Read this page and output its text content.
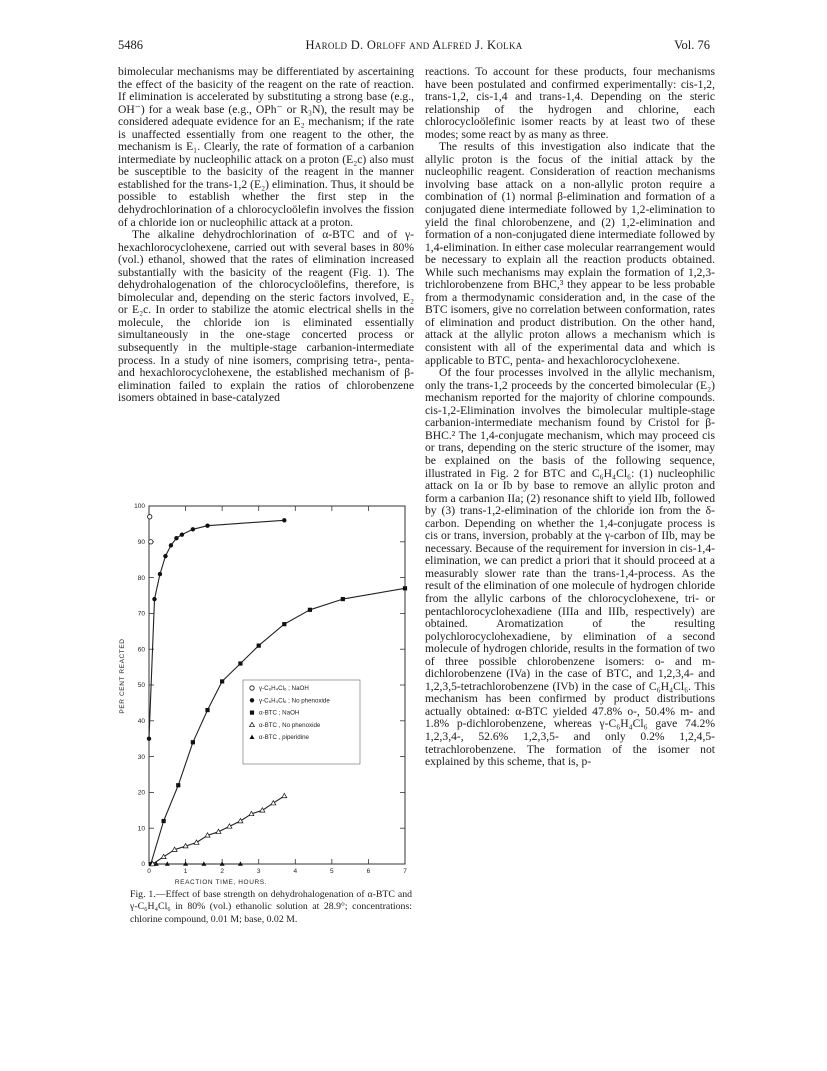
5486	Harold D. Orloff and Alfred J. Kolka	Vol. 76

bimolecular mechanisms may be differentiated by ascertaining the effect of the basicity of the reagent on the rate of reaction. If elimination is accelerated by substituting a strong base (e.g., OH⁻) for a weak base (e.g., OPh⁻ or R₃N), the result may be considered adequate evidence for an E₂ mechanism; if the rate is unaffected essentially from one reagent to the other, the mechanism is E₁. Clearly, the rate of formation of a carbanion intermediate by nucleophilic attack on a proton (E₂c) also must be susceptible to the basicity of the reagent in the manner established for the trans-1,2 (E₂) elimination. Thus, it should be possible to establish whether the first step in the dehydrochlorination of a chlorocycloölefin involves the fission of a chloride ion or nucleophilic attack at a proton.

The alkaline dehydrochlorination of α-BTC and of γ-hexachlorocyclohexene, carried out with several bases in 80% (vol.) ethanol, showed that the rates of elimination increased substantially with the basicity of the reagent (Fig. 1). The dehydrohalogenation of the chlorocycloölefins, therefore, is bimolecular and, depending on the steric factors involved, E₂ or E₂c. In order to stabilize the atomic electrical shells in the molecule, the chloride ion is eliminated essentially simultaneously in the one-stage concerted process or subsequently in the multiple-stage carbanion-intermediate process. In a study of nine isomers, comprising tetra-, penta- and hexachlorocyclohexene, the established mechanism of β-elimination failed to explain the ratios of chlorobenzene isomers obtained in base-catalyzed

reactions. To account for these products, four mechanisms have been postulated and confirmed experimentally: cis-1,2, trans-1,2, cis-1,4 and trans-1,4. Depending on the steric relationship of the hydrogen and chlorine, each chlorocycloölefinic isomer reacts by at least two of these modes; some react by as many as three.

The results of this investigation also indicate that the allylic proton is the focus of the initial attack by the nucleophilic reagent. Consideration of reaction mechanisms involving base attack on a non-allylic proton require a combination of (1) normal β-elimination and formation of a conjugated diene intermediate followed by 1,2-elimination to yield the final chlorobenzene, and (2) 1,2-elimination and formation of a non-conjugated diene intermediate followed by 1,4-elimination. In either case molecular rearrangement would be necessary to explain all the reaction products obtained. While such mechanisms may explain the formation of 1,2,3-trichlorobenzene from BHC,³ they appear to be less probable from a thermodynamic consideration and, in the case of the BTC isomers, give no correlation between conformation, rates of elimination and product distribution. On the other hand, attack at the allylic proton allows a mechanism which is consistent with all of the experimental data and which is applicable to BTC, penta- and hexachlorocyclohexene.

Of the four processes involved in the allylic mechanism, only the trans-1,2 proceeds by the concerted bimolecular (E₂) mechanism reported for the majority of chlorine compounds. cis-1,2-Elimination involves the bimolecular multiple-stage carbanion-intermediate mechanism found by Cristol for β-BHC.² The 1,4-conjugate mechanism, which may proceed cis or trans, depending on the steric structure of the isomer, may be explained on the basis of the following sequence, illustrated in Fig. 2 for BTC and C₆H₄Cl₆: (1) nucleophilic attack on Ia or Ib by base to remove an allylic proton and form a carbanion IIa; (2) resonance shift to yield IIb, followed by (3) trans-1,2-elimination of the chloride ion from the δ-carbon. Depending on whether the 1,4-conjugate process is cis or trans, inversion, probably at the γ-carbon of IIb, may be necessary. Because of the requirement for inversion in cis-1,4-elimination, we can predict a priori that it should proceed at a measurably slower rate than the trans-1,4-process. As the result of the elimination of one molecule of hydrogen chloride from the allylic carbons of the chlorocyclohexene, tri- or pentachlorocyclohexadiene (IIIa and IIIb, respectively) are obtained. Aromatization of the resulting polychlorocyclohexadiene, by elimination of a second molecule of hydrogen chloride, results in the formation of two of three possible chlorobenzene isomers: o- and m-dichlorobenzene (IVa) in the case of BTC, and 1,2,3,4- and 1,2,3,5-tetrachlorobenzene (IVb) in the case of C₆H₄Cl₆. This mechanism has been confirmed by product distributions actually obtained: α-BTC yielded 47.8% o-, 50.4% m- and 1.8% p-dichlorobenzene, whereas γ-C₆H₄Cl₆ gave 74.2% 1,2,3,4-, 52.6% 1,2,3,5- and only 0.2% 1,2,4,5-tetrachlorobenzene. The formation of the isomer not explained by this scheme, that is, p-

0	1	2	3	4	5	6	7
0
10
20
30
40
50
60
70
80
90
100
REACTION TIME, HOURS.
PER CENT REACTED	γ-C₆H₄Cl₆ ; NaOH
γ-C₆H₄Cl₆ ; No phenoxide
α-BTC ; NaOH
α-BTC , No phenoxide
α-BTC , piperidine
Fig. 1.—Effect of base strength on dehydrohalogenation of α-BTC and γ-C₆H₄Cl₆ in 80% (vol.) ethanolic solution at 28.9°; concentrations: chlorine compound, 0.01 M; base, 0.02 M.
